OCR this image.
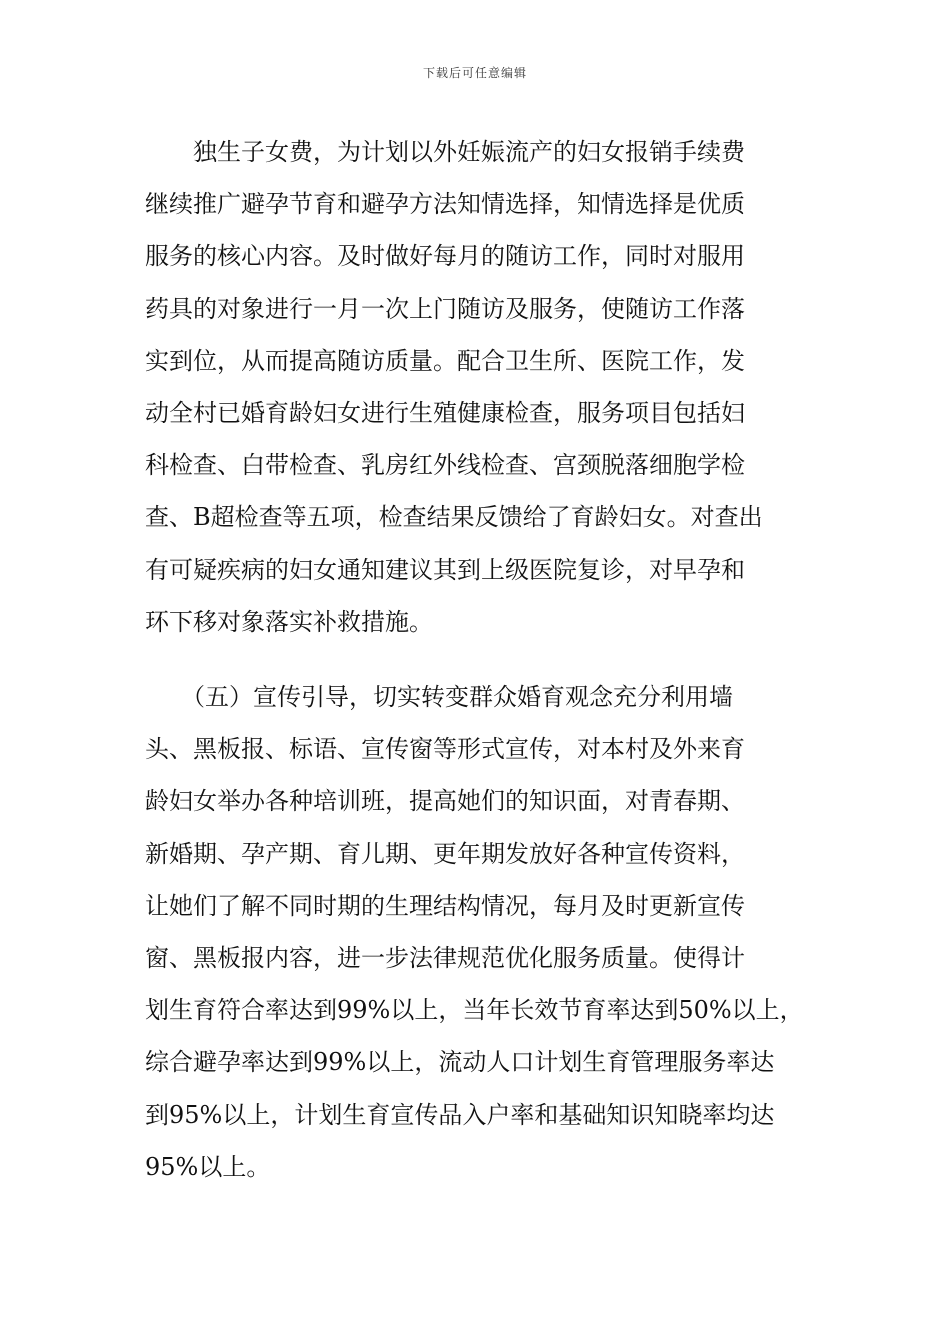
下载后可任意编辑
　　独生子女费，为计划以外妊娠流产的妇女报销手续费
继续推广避孕节育和避孕方法知情选择，知情选择是优质
服务的核心内容。及时做好每月的随访工作，同时对服用
药具的对象进行一月一次上门随访及服务，使随访工作落
实到位，从而提高随访质量。配合卫生所、医院工作，发
动全村已婚育龄妇女进行生殖健康检查，服务项目包括妇
科检查、白带检查、乳房红外线检查、宫颈脱落细胞学检
查、B超检查等五项，检查结果反馈给了育龄妇女。对查出
有可疑疾病的妇女通知建议其到上级医院复诊，对早孕和
环下移对象落实补救措施。
　　（五）宣传引导，切实转变群众婚育观念充分利用墙
头、黑板报、标语、宣传窗等形式宣传，对本村及外来育
龄妇女举办各种培训班，提高她们的知识面，对青春期、
新婚期、孕产期、育儿期、更年期发放好各种宣传资料，
让她们了解不同时期的生理结构情况，每月及时更新宣传
窗、黑板报内容，进一步法律规范优化服务质量。使得计
划生育符合率达到99%以上，当年长效节育率达到50%以上，
综合避孕率达到99%以上，流动人口计划生育管理服务率达
到95%以上，计划生育宣传品入户率和基础知识知晓率均达
95%以上。
